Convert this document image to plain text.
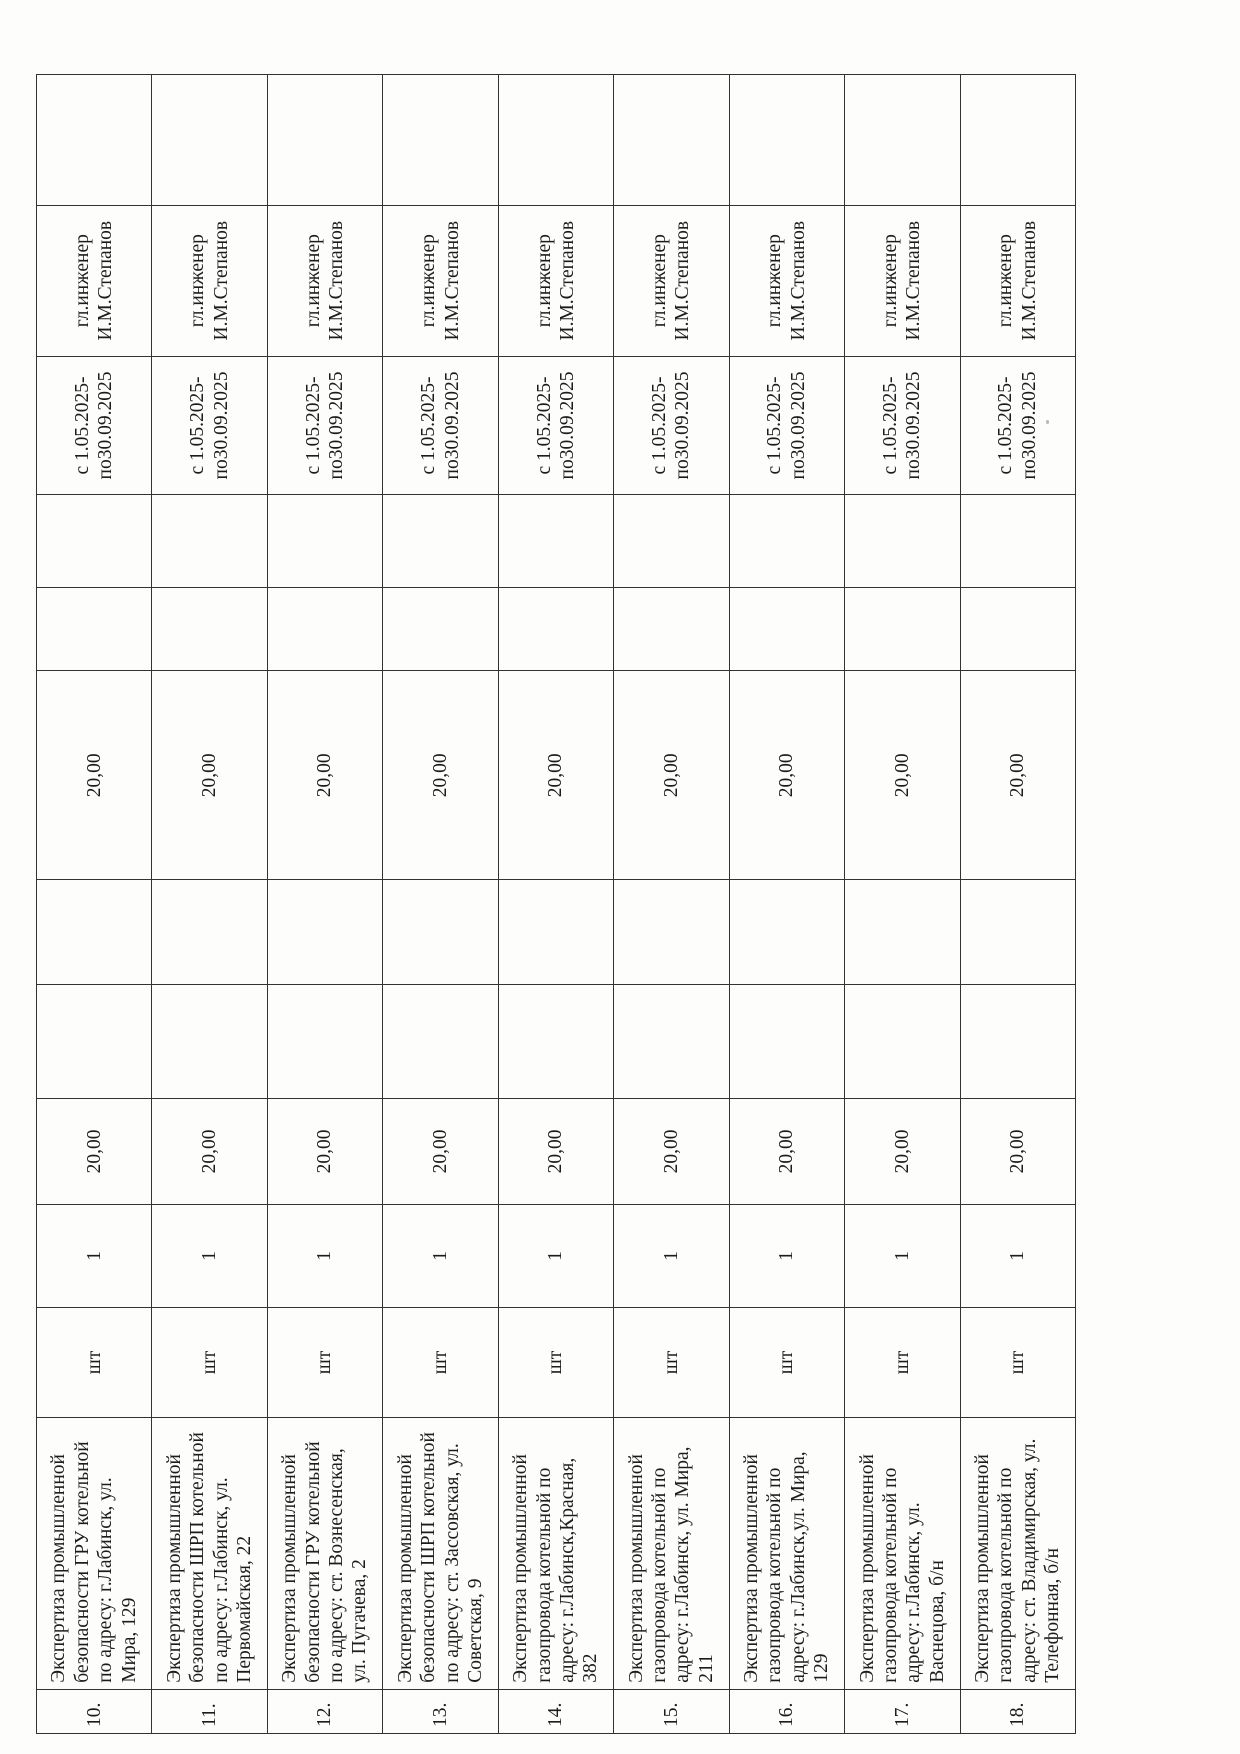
10.	Экспертиза промышленной безопасности ГРУ котельной по адресу: г.Лабинск, ул. Мира, 129	шт	1	20,00			20,00			с 1.05.2025-по30.09.2025	гл.инженер И.М.Степанов	

11.	Экспертиза промышленной безопасности ШРП котельной по адресу: г.Лабинск, ул. Первомайская, 22	шт	1	20,00			20,00			с 1.05.2025-по30.09.2025	гл.инженер И.М.Степанов	

12.	Экспертиза промышленной безопасности ГРУ котельной по адресу: ст. Вознесенская, ул. Пугачева, 2	шт	1	20,00			20,00			с 1.05.2025-по30.09.2025	гл.инженер И.М.Степанов	

13.	Экспертиза промышленной безопасности ШРП котельной по адресу: ст. Зассовская, ул. Советская, 9	шт	1	20,00			20,00			с 1.05.2025-по30.09.2025	гл.инженер И.М.Степанов	

14.	Экспертиза промышленной газопровода котельной по адресу: г.Лабинск,Красная, 382	шт	1	20,00			20,00			с 1.05.2025-по30.09.2025	гл.инженер И.М.Степанов	

15.	Экспертиза промышленной газопровода котельной по адресу: г.Лабинск, ул. Мира, 211	шт	1	20,00			20,00			с 1.05.2025-по30.09.2025	гл.инженер И.М.Степанов	

16.	Экспертиза промышленной газопровода котельной по адресу: г.Лабинск,ул. Мира, 129	шт	1	20,00			20,00			с 1.05.2025-по30.09.2025	гл.инженер И.М.Степанов	

17.	Экспертиза промышленной газопровода котельной по адресу: г.Лабинск, ул. Васнецова, б/н	шт	1	20,00			20,00			с 1.05.2025-по30.09.2025	гл.инженер И.М.Степанов	

18.	Экспертиза промышленной газопровода котельной по адресу: ст. Владимирская, ул. Телефонная, б/н	шт	1	20,00			20,00			с 1.05.2025-по30.09.2025	гл.инженер И.М.Степанов	
